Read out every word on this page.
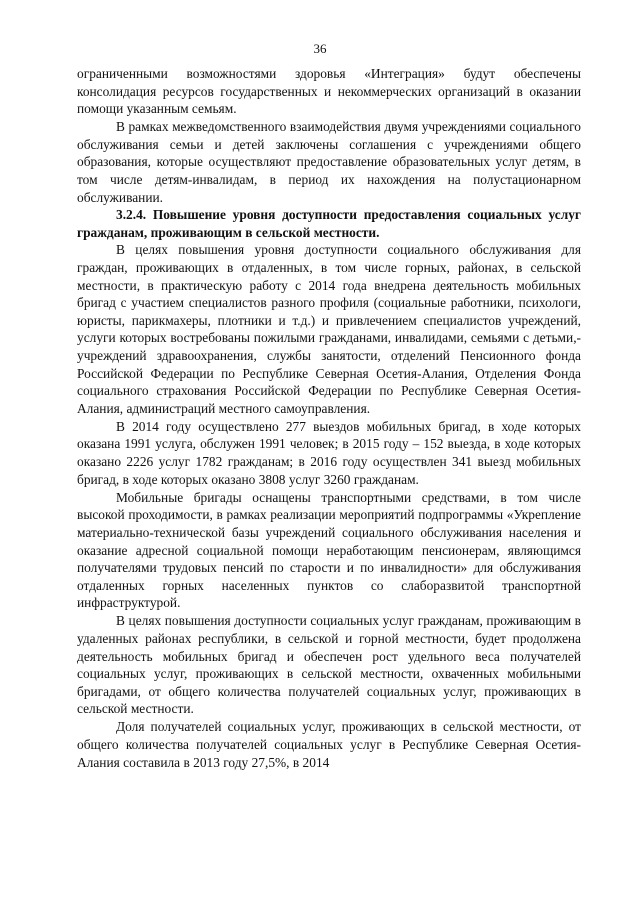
36

ограниченными возможностями здоровья «Интеграция» будут обеспечены консолидация ресурсов государственных и некоммерческих организаций в оказании помощи указанным семьям.

В рамках межведомственного взаимодействия двумя учреждениями социального обслуживания семьи и детей заключены соглашения с учреждениями общего образования, которые осуществляют предоставление образовательных услуг детям, в том числе детям-инвалидам, в период их нахождения на полустационарном обслуживании.

3.2.4. Повышение уровня доступности предоставления социальных услуг гражданам, проживающим в сельской местности.

В целях повышения уровня доступности социального обслуживания для граждан, проживающих в отдаленных, в том числе горных, районах, в сельской местности, в практическую работу с 2014 года внедрена деятельность мобильных бригад с участием специалистов разного профиля (социальные работники, психологи, юристы, парикмахеры, плотники и т.д.) и привлечением специалистов учреждений, услуги которых востребованы пожилыми гражданами, инвалидами, семьями с детьми,- учреждений здравоохранения, службы занятости, отделений Пенсионного фонда Российской Федерации по Республике Северная Осетия-Алания, Отделения Фонда социального страхования Российской Федерации по Республике Северная Осетия-Алания, администраций местного самоуправления.

В 2014 году осуществлено 277 выездов мобильных бригад, в ходе которых оказана 1991 услуга, обслужен 1991 человек; в 2015 году – 152 выезда, в ходе которых оказано 2226 услуг 1782 гражданам; в 2016 году осуществлен 341 выезд мобильных бригад, в ходе которых оказано 3808 услуг 3260 гражданам.

Мобильные бригады оснащены транспортными средствами, в том числе высокой проходимости, в рамках реализации мероприятий подпрограммы «Укрепление материально-технической базы учреждений социального обслуживания населения и оказание адресной социальной помощи неработающим пенсионерам, являющимся получателями трудовых пенсий по старости и по инвалидности» для обслуживания отдаленных горных населенных пунктов со слаборазвитой транспортной инфраструктурой.

В целях повышения доступности социальных услуг гражданам, проживающим в удаленных районах республики, в сельской и горной местности, будет продолжена деятельность мобильных бригад и обеспечен рост удельного веса получателей социальных услуг, проживающих в сельской местности, охваченных мобильными бригадами, от общего количества получателей социальных услуг, проживающих в сельской местности.

Доля получателей социальных услуг, проживающих в сельской местности, от общего количества получателей социальных услуг в Республике Северная Осетия-Алания составила в 2013 году 27,5%, в 2014
